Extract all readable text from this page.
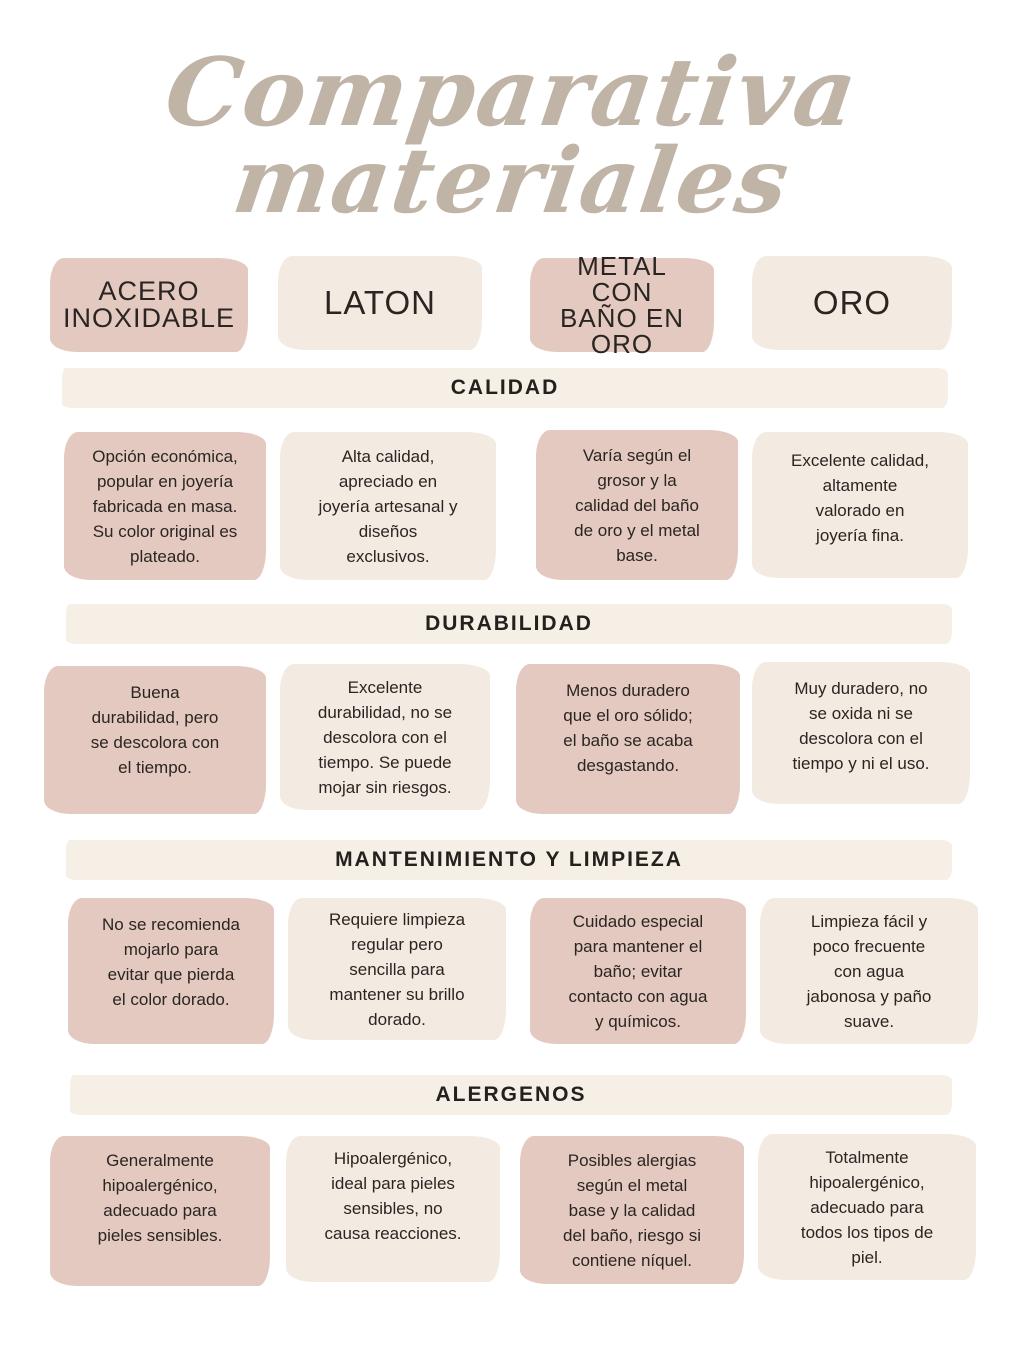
Comparativa
materiales
ACERO
INOXIDABLE	LATON
METAL CON
BAÑO EN
ORO
ORO
CALIDAD
Opción económica,
popular en joyería
fabricada en masa.
Su color original es
plateado.
Alta calidad,
apreciado en
joyería artesanal y
diseños
exclusivos.
Varía según el
grosor y la
calidad del baño
de oro y el metal
base.
Excelente calidad,
altamente
valorado en
joyería fina.
DURABILIDAD
Buena
durabilidad, pero
se descolora con
el tiempo.
Excelente
durabilidad, no se
descolora con el
tiempo. Se puede
mojar sin riesgos.
Menos duradero
que el oro sólido;
el baño se acaba
desgastando.
Muy duradero, no
se oxida ni se
descolora con el
tiempo y ni el uso.
MANTENIMIENTO Y LIMPIEZA
No se recomienda
mojarlo para
evitar que pierda
el color dorado.
Requiere limpieza
regular pero
sencilla para
mantener su brillo
dorado.
Cuidado especial
para mantener el
baño; evitar
contacto con agua
y químicos.
Limpieza fácil y
poco frecuente
con agua
jabonosa y paño
suave.
ALERGENOS
Generalmente
hipoalergénico,
adecuado para
pieles sensibles.
Hipoalergénico,
ideal para pieles
sensibles, no
causa reacciones.
Posibles alergias
según el metal
base y la calidad
del baño, riesgo si
contiene níquel.
Totalmente
hipoalergénico,
adecuado para
todos los tipos de
piel.
